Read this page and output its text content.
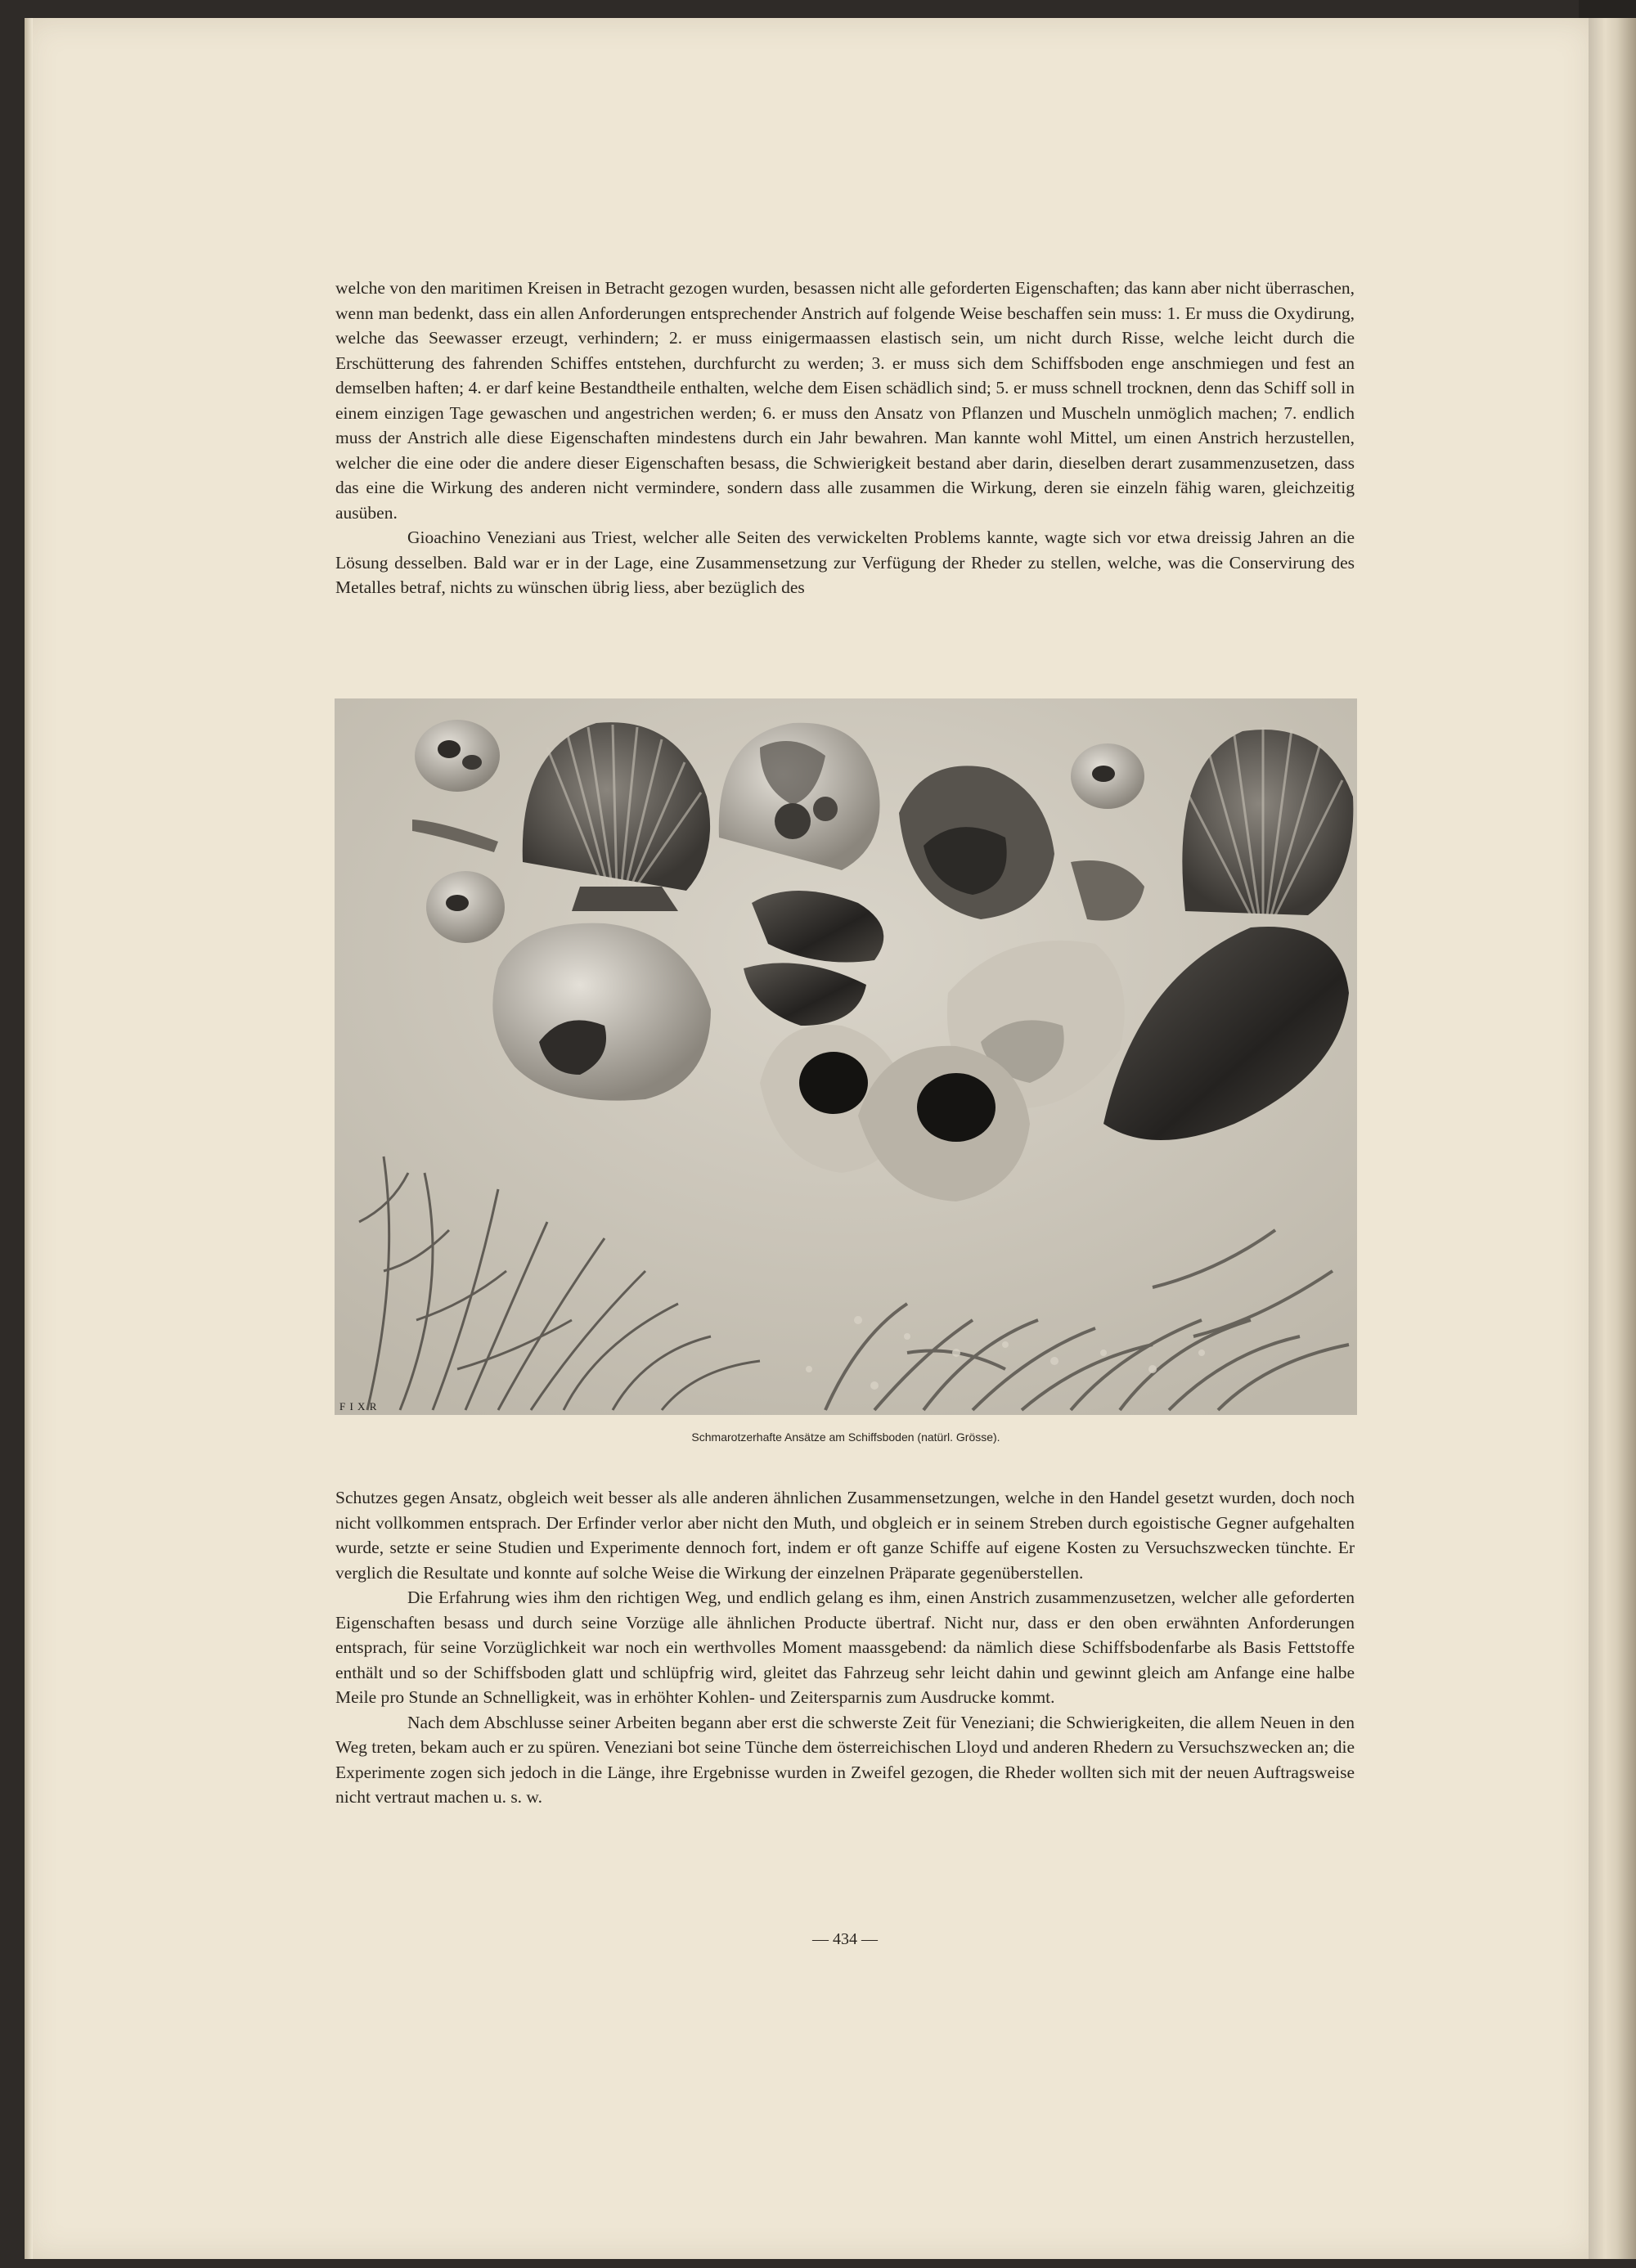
welche von den maritimen Kreisen in Betracht gezogen wurden, besassen nicht alle geforderten Eigenschaften; das kann aber nicht überraschen, wenn man bedenkt, dass ein allen Anforderungen entsprechender Anstrich auf folgende Weise beschaffen sein muss: 1. Er muss die Oxydirung, welche das Seewasser erzeugt, verhindern; 2. er muss einigermaassen elastisch sein, um nicht durch Risse, welche leicht durch die Erschütterung des fahrenden Schiffes entstehen, durchfurcht zu werden; 3. er muss sich dem Schiffsboden enge anschmiegen und fest an demselben haften; 4. er darf keine Bestandtheile enthalten, welche dem Eisen schädlich sind; 5. er muss schnell trocknen, denn das Schiff soll in einem einzigen Tage gewaschen und angestrichen werden; 6. er muss den Ansatz von Pflanzen und Muscheln unmöglich machen; 7. endlich muss der Anstrich alle diese Eigenschaften mindestens durch ein Jahr bewahren. Man kannte wohl Mittel, um einen Anstrich herzustellen, welcher die eine oder die andere dieser Eigenschaften besass, die Schwierigkeit bestand aber darin, dieselben derart zusammenzusetzen, dass das eine die Wirkung des anderen nicht vermindere, sondern dass alle zusammen die Wirkung, deren sie einzeln fähig waren, gleichzeitig ausüben.

Gioachino Veneziani aus Triest, welcher alle Seiten des verwickelten Problems kannte, wagte sich vor etwa dreissig Jahren an die Lösung desselben. Bald war er in der Lage, eine Zusammensetzung zur Verfügung der Rheder zu stellen, welche, was die Conservirung des Metalles betraf, nichts zu wünschen übrig liess, aber bezüglich des

F I X R
Schmarotzerhafte Ansätze am Schiffsboden (natürl. Grösse).

Schutzes gegen Ansatz, obgleich weit besser als alle anderen ähnlichen Zusammensetzungen, welche in den Handel gesetzt wurden, doch noch nicht vollkommen entsprach. Der Erfinder verlor aber nicht den Muth, und obgleich er in seinem Streben durch egoistische Gegner aufgehalten wurde, setzte er seine Studien und Experimente dennoch fort, indem er oft ganze Schiffe auf eigene Kosten zu Versuchszwecken tünchte. Er verglich die Resultate und konnte auf solche Weise die Wirkung der einzelnen Präparate gegenüberstellen.

Die Erfahrung wies ihm den richtigen Weg, und endlich gelang es ihm, einen Anstrich zusammenzusetzen, welcher alle geforderten Eigenschaften besass und durch seine Vorzüge alle ähnlichen Producte übertraf. Nicht nur, dass er den oben erwähnten Anforderungen entsprach, für seine Vorzüglichkeit war noch ein werthvolles Moment maassgebend: da nämlich diese Schiffsbodenfarbe als Basis Fettstoffe enthält und so der Schiffsboden glatt und schlüpfrig wird, gleitet das Fahrzeug sehr leicht dahin und gewinnt gleich am Anfange eine halbe Meile pro Stunde an Schnelligkeit, was in erhöhter Kohlen- und Zeitersparnis zum Ausdrucke kommt.

Nach dem Abschlusse seiner Arbeiten begann aber erst die schwerste Zeit für Veneziani; die Schwierigkeiten, die allem Neuen in den Weg treten, bekam auch er zu spüren. Veneziani bot seine Tünche dem österreichischen Lloyd und anderen Rhedern zu Versuchszwecken an; die Experimente zogen sich jedoch in die Länge, ihre Ergebnisse wurden in Zweifel gezogen, die Rheder wollten sich mit der neuen Auftragsweise nicht vertraut machen u. s. w.

— 434 —
